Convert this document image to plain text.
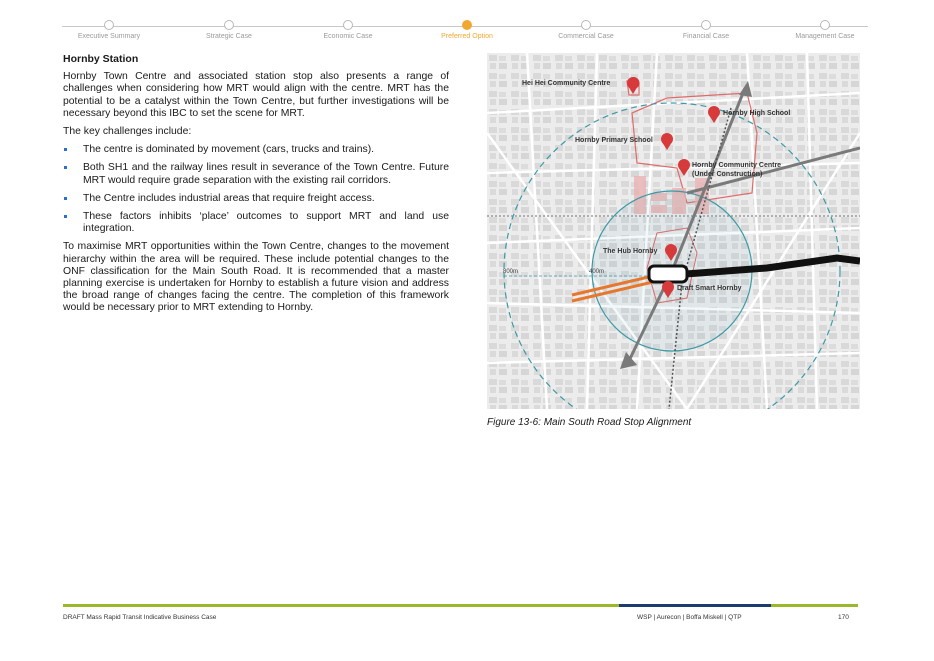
Executive Summary	Strategic Case	Economic Case	Preferred Option	Commercial Case	Financial Case	Management Case
Hornby Station

Hornby Town Centre and associated station stop also presents a range of challenges when considering how MRT would align with the centre. MRT has the potential to be a catalyst within the Town Centre, but further investigations will be necessary beyond this IBC to set the scene for MRT.

The key challenges include:

The centre is dominated by movement (cars, trucks and trains).
Both SH1 and the railway lines result in severance of the Town Centre. Future MRT would require grade separation with the existing rail corridors.
The Centre includes industrial areas that require freight access.
These factors inhibits ‘place’ outcomes to support MRT and land use integration.

To maximise MRT opportunities within the Town Centre, changes to the movement hierarchy within the area will be required. These include potential changes to the ONF classification for the Main South Road. It is recommended that a master planning exercise is undertaken for Hornby to establish a future vision and address the broad range of changes facing the centre. The completion of this framework would be necessary prior to MRT extending to Hornby.

800m	400m
Hei Hei Community Centre
Hornby High School
Hornby Primary School
Hornby Community Centre
(Under Construction)
The Hub Hornby
Draft Smart Hornby
Figure 13-6: Main South Road Stop Alignment
DRAFT Mass Rapid Transit Indicative Business Case	WSP | Aurecon | Boffa Miskell | QTP	170
